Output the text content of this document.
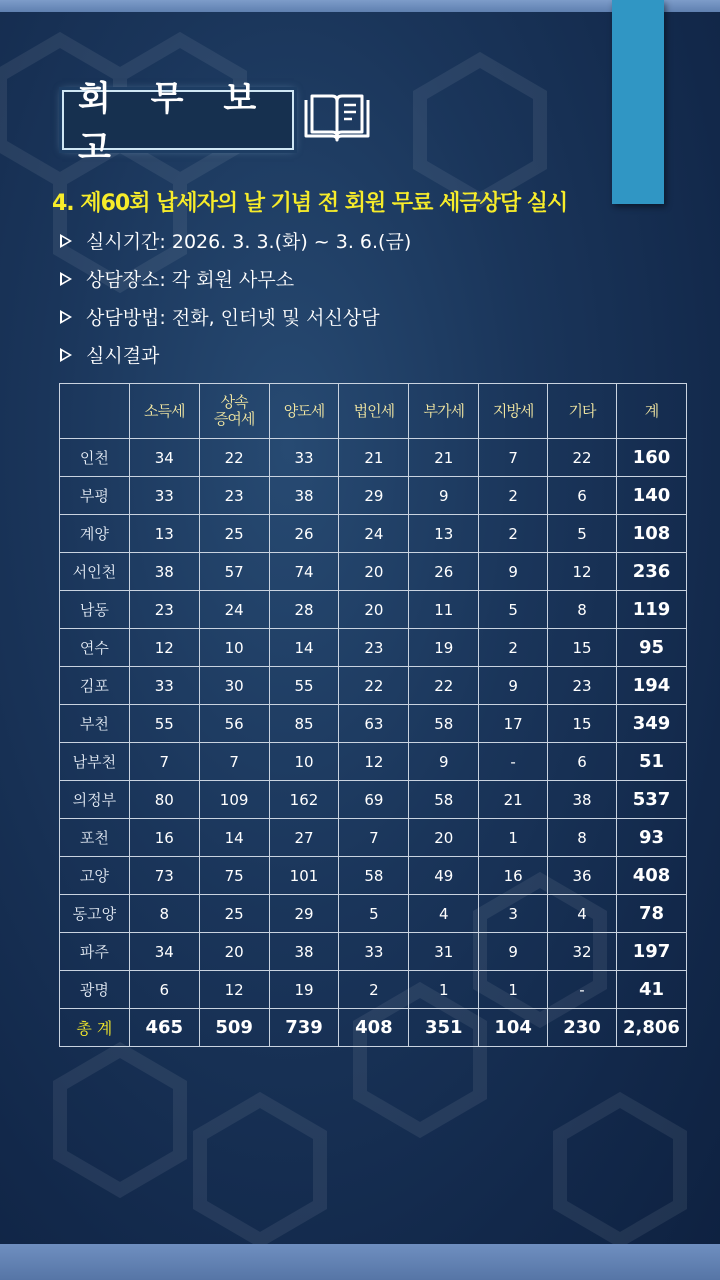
회 무 보 고
4. 제60회 납세자의 날 기념 전 회원 무료 세금상담 실시
실시기간: 2026. 3. 3.(화) ~ 3. 6.(금)
상담장소: 각 회원 사무소
상담방법: 전화, 인터넷 및 서신상담
실시결과
	소득세	상속
증여세	양도세	법인세	부가세	지방세	기타	계
인천	34	22	33	21	21	7	22	160
부평	33	23	38	29	9	2	6	140
계양	13	25	26	24	13	2	5	108
서인천	38	57	74	20	26	9	12	236
남동	23	24	28	20	11	5	8	119
연수	12	10	14	23	19	2	15	95
김포	33	30	55	22	22	9	23	194
부천	55	56	85	63	58	17	15	349
남부천	7	7	10	12	9	-	6	51
의정부	80	109	162	69	58	21	38	537
포천	16	14	27	7	20	1	8	93
고양	73	75	101	58	49	16	36	408
동고양	8	25	29	5	4	3	4	78
파주	34	20	38	33	31	9	32	197
광명	6	12	19	2	1	1	-	41
총 계	465	509	739	408	351	104	230	2,806
